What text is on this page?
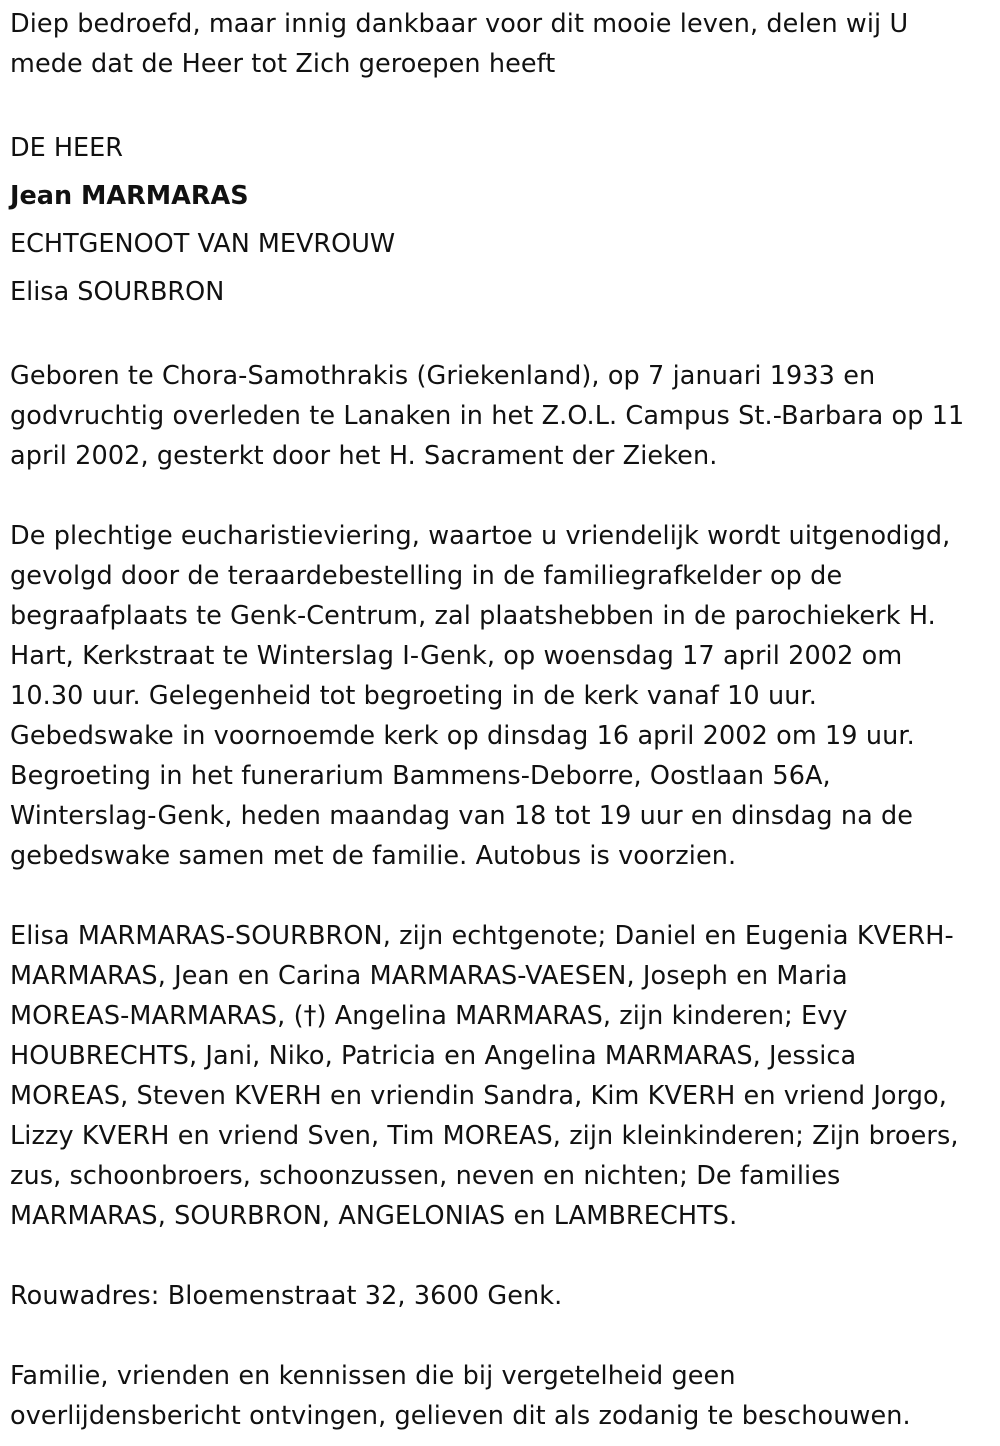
Diep bedroefd, maar innig dankbaar voor dit mooie leven, delen wij U
mede dat de Heer tot Zich geroepen heeft
DE HEER
Jean MARMARAS
ECHTGENOOT VAN MEVROUW
Elisa SOURBRON
Geboren te Chora-Samothrakis (Griekenland), op 7 januari 1933 en
godvruchtig overleden te Lanaken in het Z.O.L. Campus St.-Barbara op 11
april 2002, gesterkt door het H. Sacrament der Zieken.
De plechtige eucharistieviering, waartoe u vriendelijk wordt uitgenodigd,
gevolgd door de teraardebestelling in de familiegrafkelder op de
begraafplaats te Genk-Centrum, zal plaatshebben in de parochiekerk H.
Hart, Kerkstraat te Winterslag I-Genk, op woensdag 17 april 2002 om
10.30 uur. Gelegenheid tot begroeting in de kerk vanaf 10 uur.
Gebedswake in voornoemde kerk op dinsdag 16 april 2002 om 19 uur.
Begroeting in het funerarium Bammens-Deborre, Oostlaan 56A,
Winterslag-Genk, heden maandag van 18 tot 19 uur en dinsdag na de
gebedswake samen met de familie. Autobus is voorzien.
Elisa MARMARAS-SOURBRON, zijn echtgenote; Daniel en Eugenia KVERH-
MARMARAS, Jean en Carina MARMARAS-VAESEN, Joseph en Maria
MOREAS-MARMARAS, (†) Angelina MARMARAS, zijn kinderen; Evy
HOUBRECHTS, Jani, Niko, Patricia en Angelina MARMARAS, Jessica
MOREAS, Steven KVERH en vriendin Sandra, Kim KVERH en vriend Jorgo,
Lizzy KVERH en vriend Sven, Tim MOREAS, zijn kleinkinderen; Zijn broers,
zus, schoonbroers, schoonzussen, neven en nichten; De families
MARMARAS, SOURBRON, ANGELONIAS en LAMBRECHTS.
Rouwadres: Bloemenstraat 32, 3600 Genk.
Familie, vrienden en kennissen die bij vergetelheid geen
overlijdensbericht ontvingen, gelieven dit als zodanig te beschouwen.
